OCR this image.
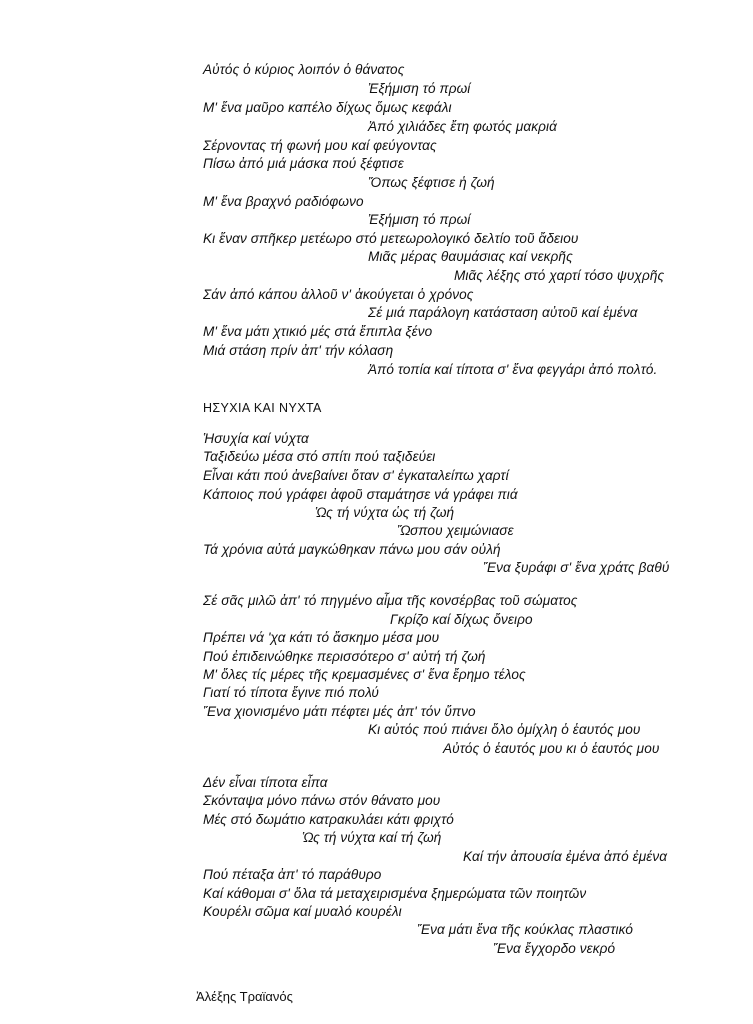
Αὐτός ὁ κύριος λοιπόν ὁ θάνατος
Ἐξήμιση τό πρωί
Μ' ἕνα μαῦρο καπέλο δίχως ὅμως κεφάλι
Ἀπό χιλιάδες ἔτη φωτός μακριά
Σέρνοντας τή φωνή μου καί φεύγοντας
Πίσω ἀπό μιά μάσκα πού ξέφτισε
Ὅπως ξέφτισε ἡ ζωή
Μ' ἕνα βραχνό ραδιόφωνο
Ἐξήμιση τό πρωί
Κι ἕναν σπῆκερ μετέωρο στό μετεωρολογικό δελτίο τοῦ ἄδειου
Μιᾶς μέρας θαυμάσιας καί νεκρῆς
Μιᾶς λέξης στό χαρτί τόσο ψυχρῆς
Σάν ἀπό κάπου ἀλλοῦ ν' ἀκούγεται ὁ χρόνος
Σέ μιά παράλογη κατάσταση αὐτοῦ καί ἐμένα
Μ' ἕνα μάτι χτικιό μές στά ἔπιπλα ξένο
Μιά στάση πρίν ἀπ' τήν κόλαση
Ἀπό τοπία καί τίποτα σ' ἕνα φεγγάρι ἀπό πολτό.
ΗΣΥΧΙΑ ΚΑΙ ΝΥΧΤΑ
Ἡσυχία καί νύχτα
Ταξιδεύω μέσα στό σπίτι πού ταξιδεύει
Εἶναι κάτι πού ἀνεβαίνει ὅταν σ' ἐγκαταλείπω χαρτί
Κάποιος πού γράφει ἀφοῦ σταμάτησε νά γράφει πιά
Ὡς τή νύχτα ὡς τή ζωή
Ὥσπου χειμώνιασε
Τά χρόνια αὐτά μαγκώθηκαν πάνω μου σάν οὐλή
Ἕνα ξυράφι σ' ἕνα χράτς βαθύ
Σέ σᾶς μιλῶ ἀπ' τό πηγμένο αἷμα τῆς κονσέρβας τοῦ σώματος
Γκρίζο καί δίχως ὄνειρο
Πρέπει νά 'χα κάτι τό ἄσκημο μέσα μου
Πού ἐπιδεινώθηκε περισσότερο σ' αὐτή τή ζωή
Μ' ὅλες τίς μέρες τῆς κρεμασμένες σ' ἕνα ἔρημο τέλος
Γιατί τό τίποτα ἔγινε πιό πολύ
Ἕνα χιονισμένο μάτι πέφτει μές ἀπ' τόν ὕπνο
Κι αὐτός πού πιάνει ὅλο ὁμίχλη ὁ ἑαυτός μου
Αὐτός ὁ ἑαυτός μου κι ὁ ἑαυτός μου
Δέν εἶναι τίποτα εἶπα
Σκόνταψα μόνο πάνω στόν θάνατο μου
Μές στό δωμάτιο κατρακυλάει κάτι φριχτό
Ὡς τή νύχτα καί τή ζωή
Καί τήν ἀπουσία ἐμένα ἀπό ἐμένα
Πού πέταξα ἀπ' τό παράθυρο
Καί κάθομαι σ' ὅλα τά μεταχειρισμένα ξημερώματα τῶν ποιητῶν
Κουρέλι σῶμα καί μυαλό κουρέλι
Ἕνα μάτι ἕνα τῆς κούκλας πλαστικό
Ἕνα ἔγχορδο νεκρό
Ἀλέξης Τραϊανός
